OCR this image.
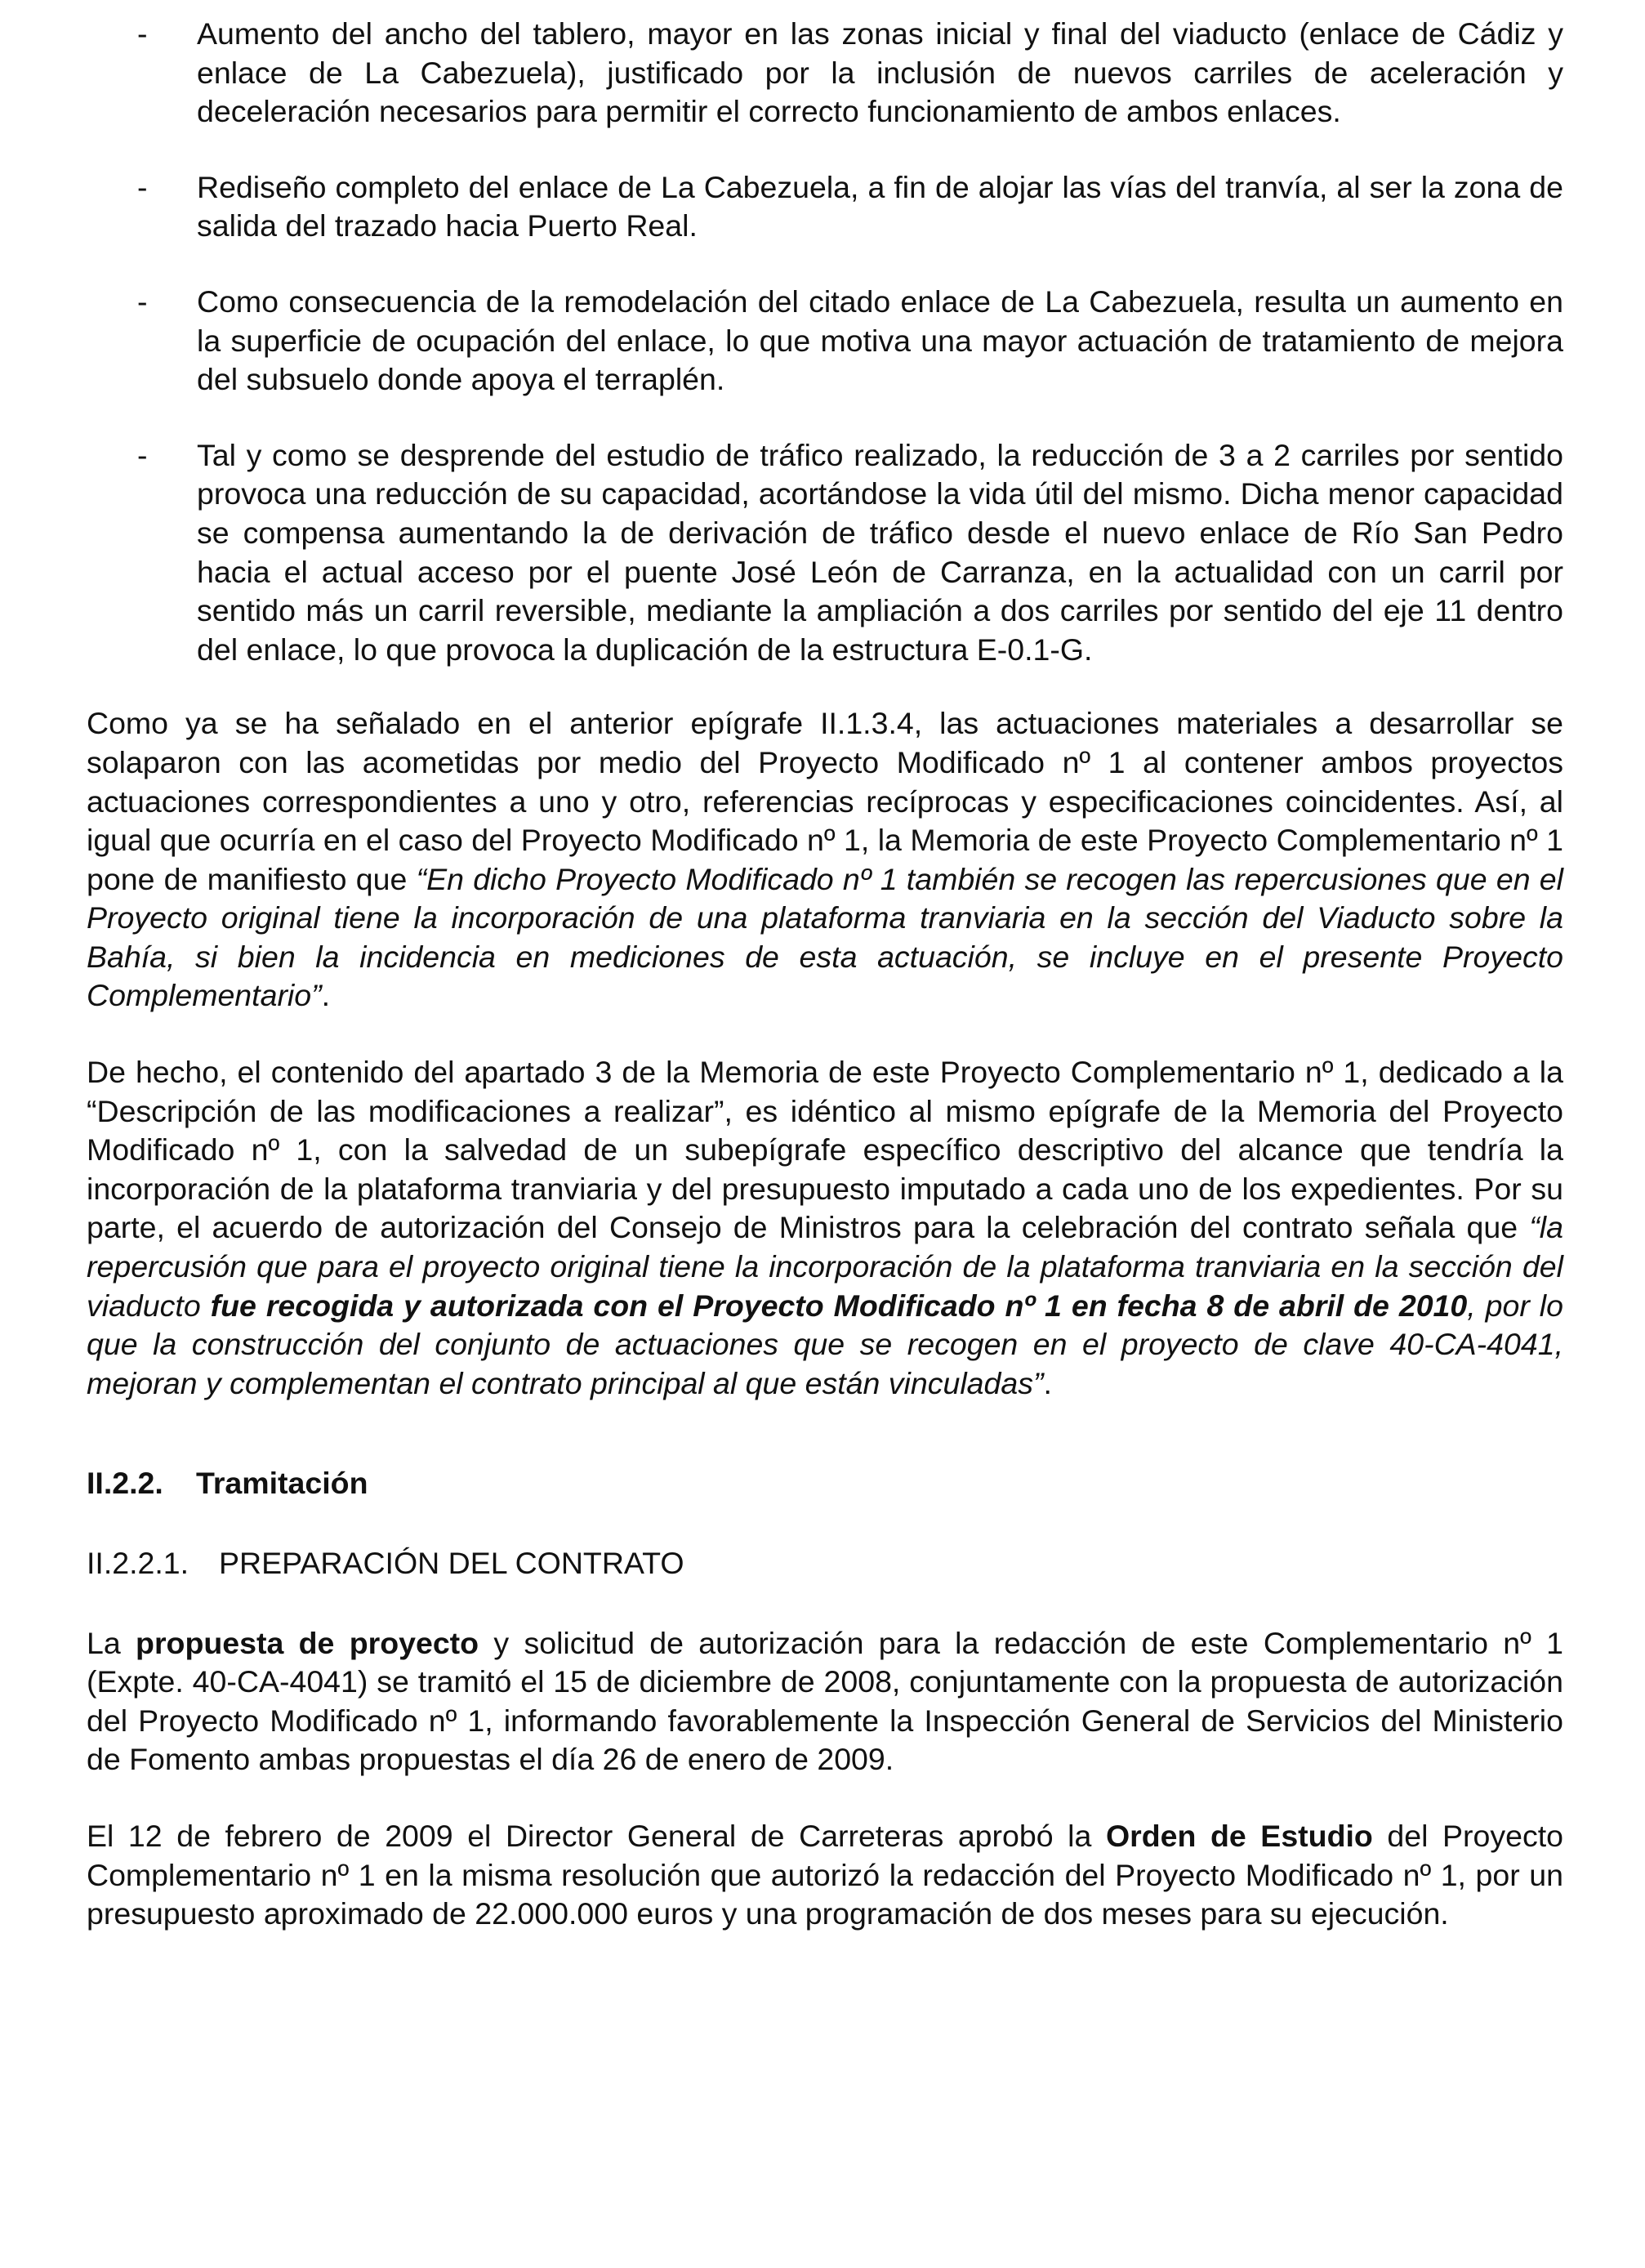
- Aumento del ancho del tablero, mayor en las zonas inicial y final del viaducto (enlace de Cádiz y enlace de La Cabezuela), justificado por la inclusión de nuevos carriles de aceleración y deceleración necesarios para permitir el correcto funcionamiento de ambos enlaces.
- Rediseño completo del enlace de La Cabezuela, a fin de alojar las vías del tranvía, al ser la zona de salida del trazado hacia Puerto Real.
- Como consecuencia de la remodelación del citado enlace de La Cabezuela, resulta un aumento en la superficie de ocupación del enlace, lo que motiva una mayor actuación de tratamiento de mejora del subsuelo donde apoya el terraplén.
- Tal y como se desprende del estudio de tráfico realizado, la reducción de 3 a 2 carriles por sentido provoca una reducción de su capacidad, acortándose la vida útil del mismo. Dicha menor capacidad se compensa aumentando la de derivación de tráfico desde el nuevo enlace de Río San Pedro hacia el actual acceso por el puente José León de Carranza, en la actualidad con un carril por sentido más un carril reversible, mediante la ampliación a dos carriles por sentido del eje 11 dentro del enlace, lo que provoca la duplicación de la estructura E-0.1-G.

Como ya se ha señalado en el anterior epígrafe II.1.3.4, las actuaciones materiales a desarrollar se solaparon con las acometidas por medio del Proyecto Modificado nº 1 al contener ambos proyectos actuaciones correspondientes a uno y otro, referencias recíprocas y especificaciones coincidentes. Así, al igual que ocurría en el caso del Proyecto Modificado nº 1, la Memoria de este Proyecto Complementario nº 1 pone de manifiesto que “En dicho Proyecto Modificado nº 1 también se recogen las repercusiones que en el Proyecto original tiene la incorporación de una plataforma tranviaria en la sección del Viaducto sobre la Bahía, si bien la incidencia en mediciones de esta actuación, se incluye en el presente Proyecto Complementario”.

De hecho, el contenido del apartado 3 de la Memoria de este Proyecto Complementario nº 1, dedicado a la “Descripción de las modificaciones a realizar”, es idéntico al mismo epígrafe de la Memoria del Proyecto Modificado nº 1, con la salvedad de un subepígrafe específico descriptivo del alcance que tendría la incorporación de la plataforma tranviaria y del presupuesto imputado a cada uno de los expedientes. Por su parte, el acuerdo de autorización del Consejo de Ministros para la celebración del contrato señala que “la repercusión que para el proyecto original tiene la incorporación de la plataforma tranviaria en la sección del viaducto fue recogida y autorizada con el Proyecto Modificado nº 1 en fecha 8 de abril de 2010, por lo que la construcción del conjunto de actuaciones que se recogen en el proyecto de clave 40-CA-4041, mejoran y complementan el contrato principal al que están vinculadas”.

II.2.2. Tramitación
II.2.2.1. PREPARACIÓN DEL CONTRATO

La propuesta de proyecto y solicitud de autorización para la redacción de este Complementario nº 1 (Expte. 40-CA-4041) se tramitó el 15 de diciembre de 2008, conjuntamente con la propuesta de autorización del Proyecto Modificado nº 1, informando favorablemente la Inspección General de Servicios del Ministerio de Fomento ambas propuestas el día 26 de enero de 2009.

El 12 de febrero de 2009 el Director General de Carreteras aprobó la Orden de Estudio del Proyecto Complementario nº 1 en la misma resolución que autorizó la redacción del Proyecto Modificado nº 1, por un presupuesto aproximado de 22.000.000 euros y una programación de dos meses para su ejecución.
